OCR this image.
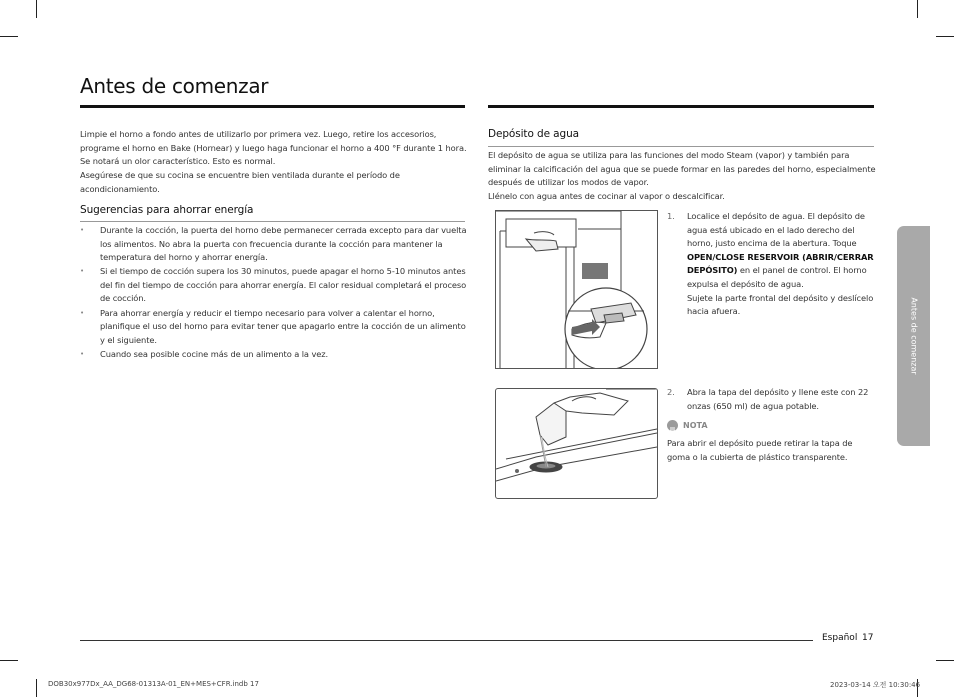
Antes de comenzar

Limpie el horno a fondo antes de utilizarlo por primera vez. Luego, retire los accesorios, programe el horno en Bake (Hornear) y luego haga funcionar el horno a 400 °F durante 1 hora. Se notará un olor característico. Esto es normal.

Asegúrese de que su cocina se encuentre bien ventilada durante el período de acondicionamiento.

Sugerencias para ahorrar energía
• Durante la cocción, la puerta del horno debe permanecer cerrada excepto para dar vuelta los alimentos. No abra la puerta con frecuencia durante la cocción para mantener la temperatura del horno y ahorrar energía.
• Si el tiempo de cocción supera los 30 minutos, puede apagar el horno 5-10 minutos antes del fin del tiempo de cocción para ahorrar energía. El calor residual completará el proceso de cocción.
• Para ahorrar energía y reducir el tiempo necesario para volver a calentar el horno, planifique el uso del horno para evitar tener que apagarlo entre la cocción de un alimento y el siguiente.
• Cuando sea posible cocine más de un alimento a la vez.
Depósito de agua

El depósito de agua se utiliza para las funciones del modo Steam (vapor) y también para eliminar la calcificación del agua que se puede formar en las paredes del horno, especialmente después de utilizar los modos de vapor.

Llénelo con agua antes de cocinar al vapor o descalcificar.

1. Localice el depósito de agua. El depósito de agua está ubicado en el lado derecho del horno, justo encima de la abertura. Toque OPEN/CLOSE RESERVOIR (ABRIR/CERRAR DEPÓSITO) en el panel de control. El horno expulsa el depósito de agua.
Sujete la parte frontal del depósito y deslícelo hacia afuera.
2. Abra la tapa del depósito y llene este con 22 onzas (650 ml) de agua potable.
NOTA

Para abrir el depósito puede retirar la tapa de goma o la cubierta de plástico transparente.

Antes de comenzar
Español 17
DOB30x977Dx_AA_DG68-01313A-01_EN+MES+CFR.indb 17	2023-03-14 오전 10:30:46
